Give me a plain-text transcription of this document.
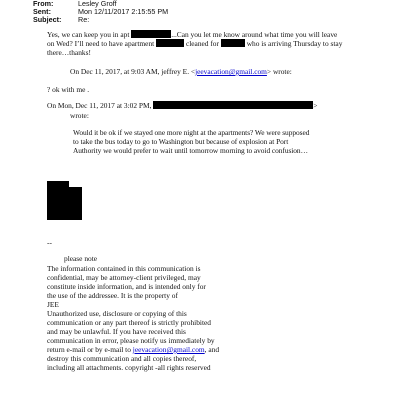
From:	Lesley Groff
Sent:	Mon 12/11/2017 2:15:55 PM
Subject:	Re:
Yes, we can keep you in apt	...Can you let me know around what time you will leave
on Wed? I’ll need to have apartment	cleaned for	who is arriving Thursday to stay
there…thanks!
On Dec 11, 2017, at 9:03 AM, jeffrey E. <jeevacation@gmail.com> wrote:
? ok with me .
On Mon, Dec 11, 2017 at 3:02 PM,	>
wrote:
Would it be ok if we stayed one more night at the apartments? We were supposed
to take the bus today to go to Washington but because of explosion at Port
Authority we would prefer to wait until tomorrow morning to avoid confusion…
--
please note
The information contained in this communication is
confidential, may be attorney-client privileged, may
constitute inside information, and is intended only for
the use of the addressee. It is the property of
JEE
Unauthorized use, disclosure or copying of this
communication or any part thereof is strictly prohibited
and may be unlawful. If you have received this
communication in error, please notify us immediately by
return e-mail or by e-mail to jeevacation@gmail.com, and
destroy this communication and all copies thereof,
including all attachments. copyright -all rights reserved
